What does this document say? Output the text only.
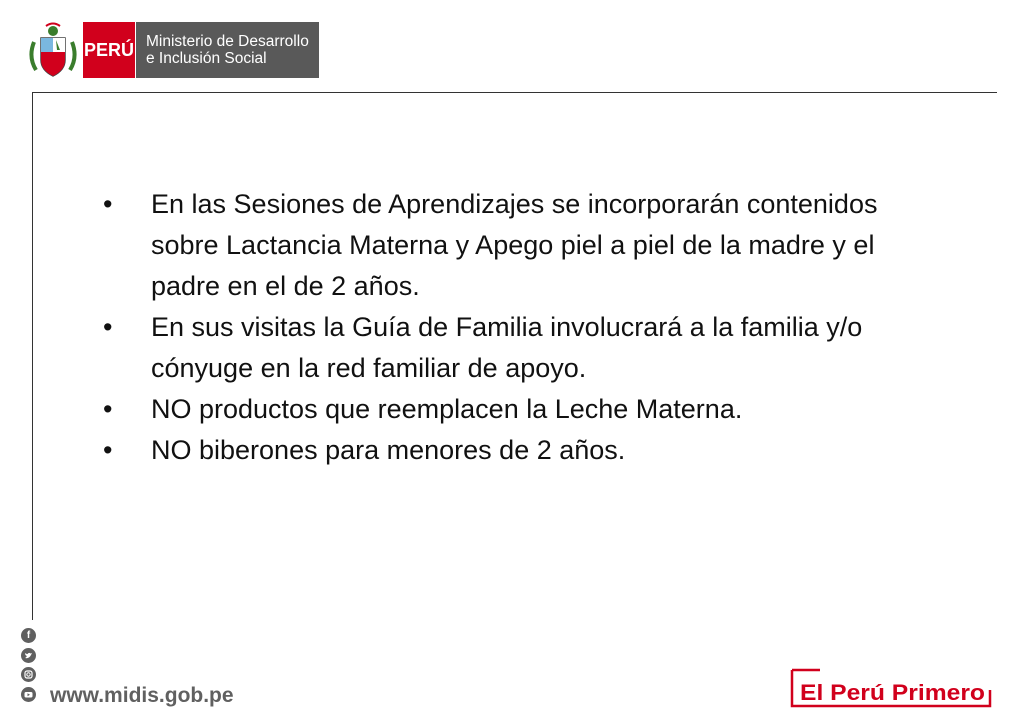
PERÚ Ministerio de Desarrollo
e Inclusión Social
• En las Sesiones de Aprendizajes se incorporarán contenidos sobre Lactancia Materna y Apego piel a piel de la madre y el padre en el de 2 años.
• En sus visitas la Guía de Familia involucrará a la familia y/o cónyuge en la red familiar de apoyo.
• NO productos que reemplacen la Leche Materna.
• NO biberones para menores de 2 años.
f
www.midis.gob.pe	El Perú Primero
